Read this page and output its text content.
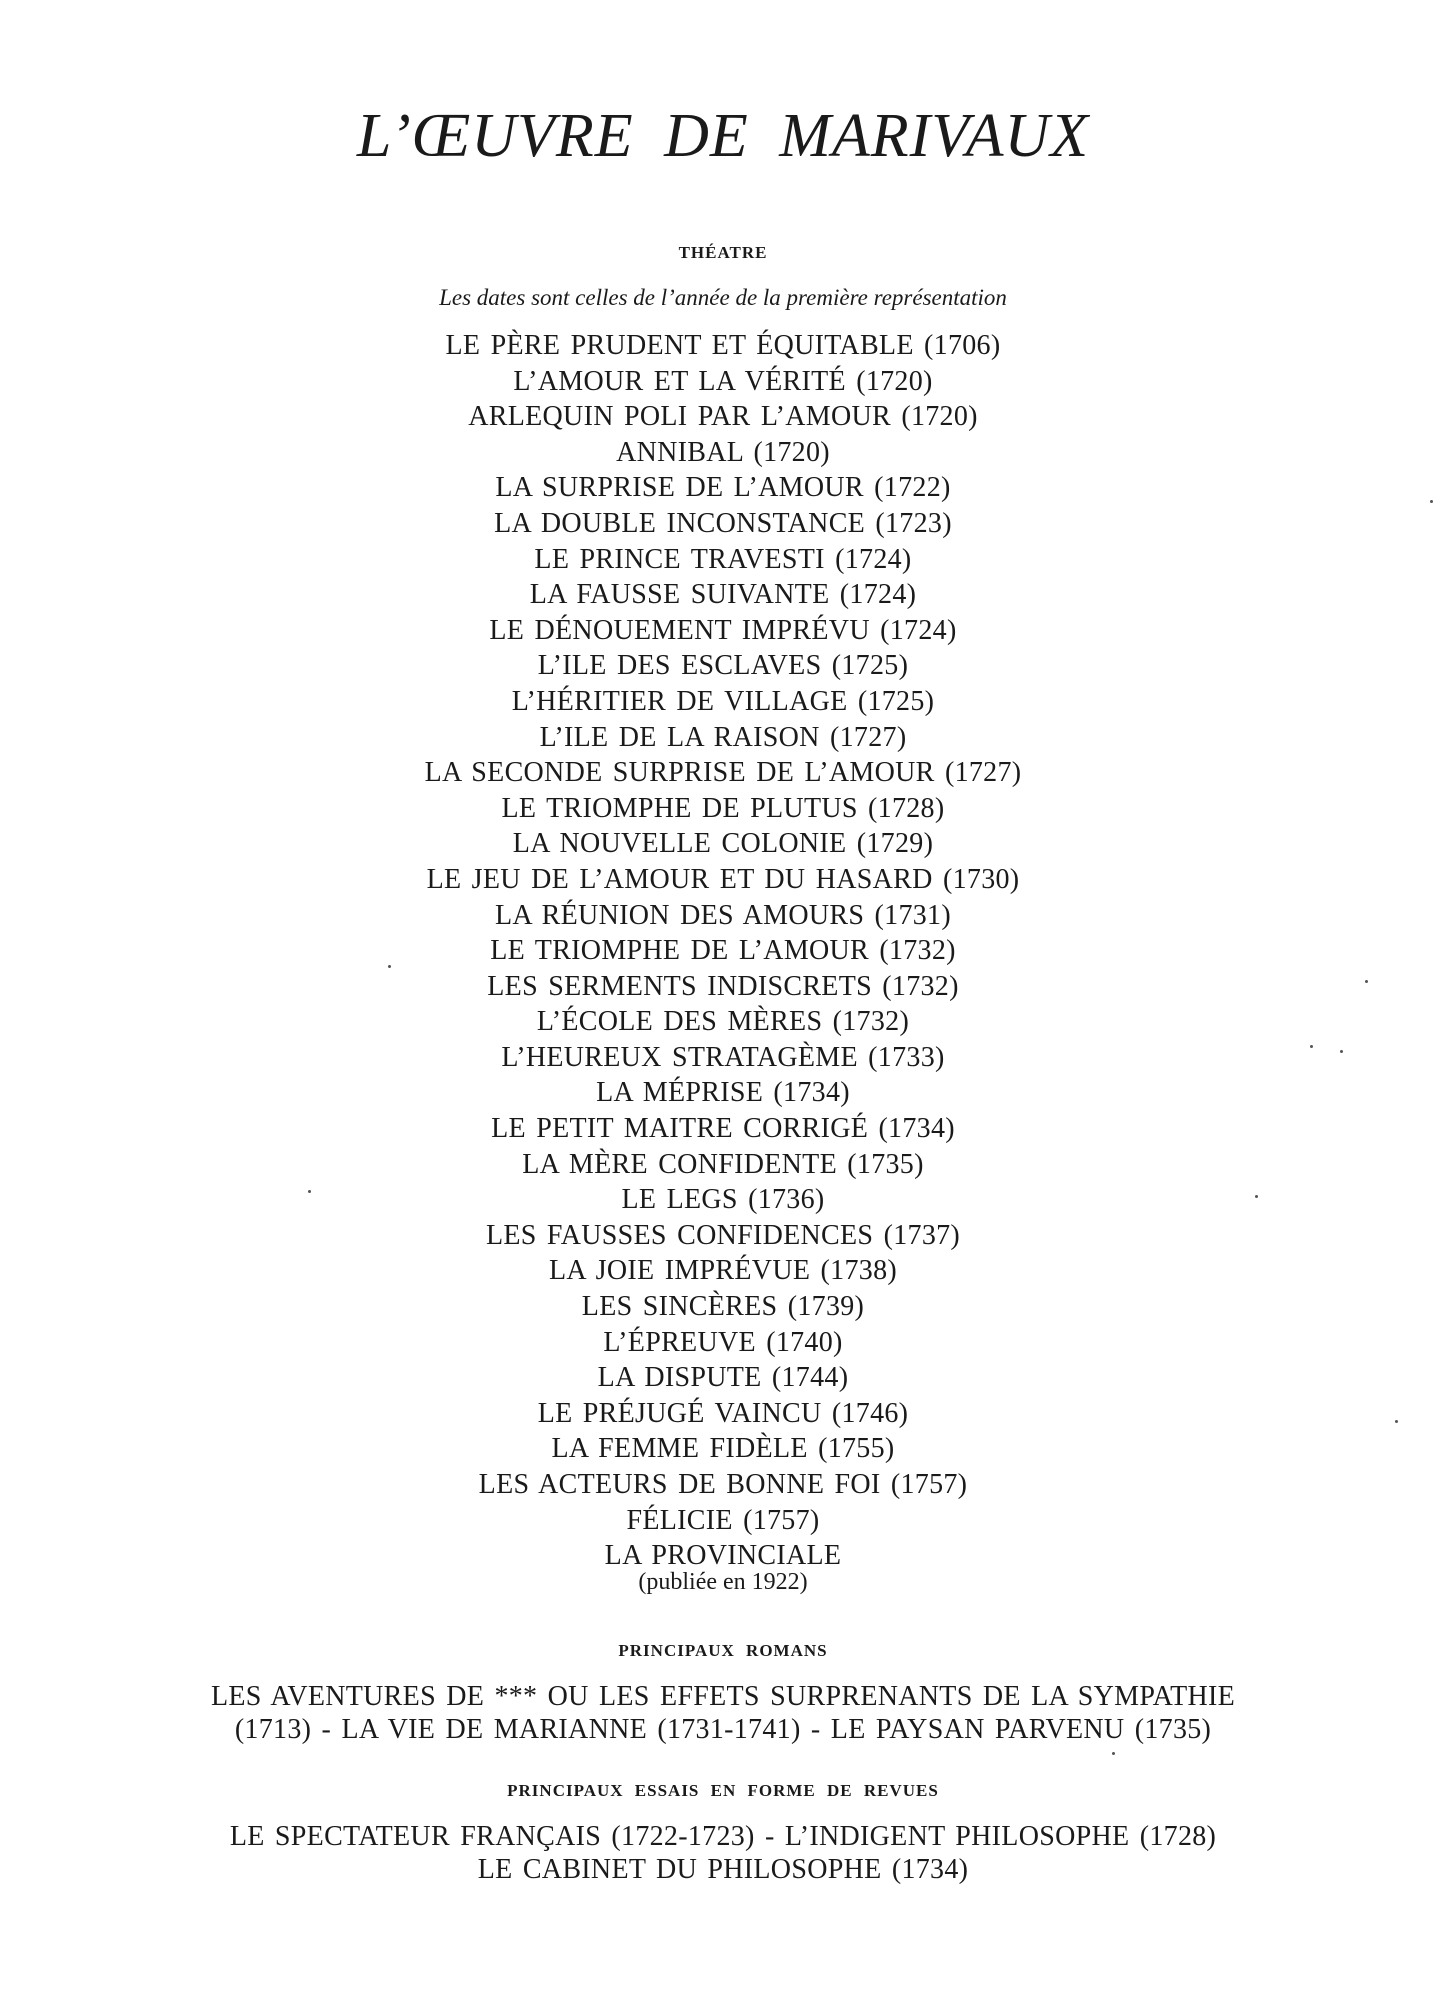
L’ŒUVRE DE MARIVAUX
THÉATRE
Les dates sont celles de l’année de la première représentation
LE PÈRE PRUDENT ET ÉQUITABLE (1706)
L’AMOUR ET LA VÉRITÉ (1720)
ARLEQUIN POLI PAR L’AMOUR (1720)
ANNIBAL (1720)
LA SURPRISE DE L’AMOUR (1722)
LA DOUBLE INCONSTANCE (1723)
LE PRINCE TRAVESTI (1724)
LA FAUSSE SUIVANTE (1724)
LE DÉNOUEMENT IMPRÉVU (1724)
L’ILE DES ESCLAVES (1725)
L’HÉRITIER DE VILLAGE (1725)
L’ILE DE LA RAISON (1727)
LA SECONDE SURPRISE DE L’AMOUR (1727)
LE TRIOMPHE DE PLUTUS (1728)
LA NOUVELLE COLONIE (1729)
LE JEU DE L’AMOUR ET DU HASARD (1730)
LA RÉUNION DES AMOURS (1731)
LE TRIOMPHE DE L’AMOUR (1732)
LES SERMENTS INDISCRETS (1732)
L’ÉCOLE DES MÈRES (1732)
L’HEUREUX STRATAGÈME (1733)
LA MÉPRISE (1734)
LE PETIT MAITRE CORRIGÉ (1734)
LA MÈRE CONFIDENTE (1735)
LE LEGS (1736)
LES FAUSSES CONFIDENCES (1737)
LA JOIE IMPRÉVUE (1738)
LES SINCÈRES (1739)
L’ÉPREUVE (1740)
LA DISPUTE (1744)
LE PRÉJUGÉ VAINCU (1746)
LA FEMME FIDÈLE (1755)
LES ACTEURS DE BONNE FOI (1757)
FÉLICIE (1757)
LA PROVINCIALE
(publiée en 1922)
PRINCIPAUX ROMANS
LES AVENTURES DE *** OU LES EFFETS SURPRENANTS DE LA SYMPATHIE
(1713) - LA VIE DE MARIANNE (1731-1741) - LE PAYSAN PARVENU (1735)
PRINCIPAUX ESSAIS EN FORME DE REVUES
LE SPECTATEUR FRANÇAIS (1722-1723) - L’INDIGENT PHILOSOPHE (1728)
LE CABINET DU PHILOSOPHE (1734)
